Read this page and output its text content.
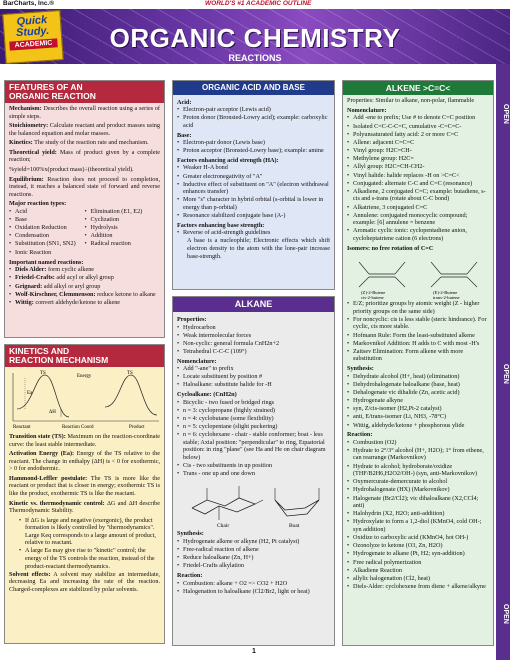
BarCharts, Inc.®	WORLD'S #1 ACADEMIC OUTLINE
ORGANIC CHEMISTRY
REACTIONS
Quick
Study.
ACADEMIC
OPEN
OPEN
OPEN
FEATURES OF AN
ORGANIC REACTION

Mechanism: Describes the overall reaction using a series of simple steps.

Stoichiometry: Calculate reactant and product masses using the balanced equation and molar masses.

Kinetics: The study of the reaction rate and mechanism.

Theoretical yield: Mass of product given by a complete reaction;

%yield=100%x(product mass)÷(theoretical yield).

Equilibrium: Reaction does not proceed to completion, instead, it reaches a balanced state of forward and reverse reactions.

Major reaction types:
• Acid
• Base
• Oxidation Reduction
• Condensation
• Substitution (SN1, SN2)
• Ionic Reaction
• Elimination (E1, E2)
• Cyclization
• Hydrolysis
• Addition
• Radical reaction
Important named reactions:
• Diels Alder: form cyclic alkene
• Friedel-Crafts: add acyl or alkyl group
• Grignard: add alkyl or aryl group
• Wolf-Kirschner, Clemmenson: reduce ketone to alkane
• Wittig: convert aldehyde/ketone to alkene
KINETICS AND
REACTION MECHANISM
TS
Energy
TS
Ea
ΔH
Reactant	Reaction Coord	Product

Transition state (TS): Maximum on the reaction-coordinate curve: the least stable intermediate.

Activation Energy (Ea): Energy of the TS relative to the reactant. The change in enthalpy (ΔH) is < 0 for exothermic, > 0 for endothermic.

Hammond-Leffler postulate: The TS is more like the reactant or product that is closer in energy; exothermic TS is like the product, exothermic TS is like the reactant.

Kinetic vs. thermodynamic control: ΔG and ΔH describe Thermodynamic Stability.

• If ΔG is large and negative (exergonic), the product formation is likely controlled by "thermodynamics". Large Keq corresponds to a large amount of product, relative to reactant.
• A large Ea may give rise to "kinetic" control; the energy of the TS controls the reaction, instead of the product-reactant thermodynamics.

Solvent effects: A solvent may stabilize an intermediate, decreasing Ea and increasing the rate of the reaction. Charged-complexes are stabilized by polar solvents.

ORGANIC ACID AND BASE
Acid:
• Electron-pair acceptor (Lewis acid)
• Proton donor (Bronsted-Lowry acid); example: carboxylic acid
Base:
• Electron-pair donor (Lewis base)
• Proton acceptor (Bronsted-Lowry base); example: amine
Factors enhancing acid strength (HA):
• Weaker H-A bond
• Greater electronegativity of "A"
• Inductive effect of substituent on "A" (electron withdrawal enhances transfer)
• More "s" character in hybrid orbital (s-orbital is lower in energy than p-orbital)
• Resonance stabilized conjugate base (A-)
Factors enhancing base strength:
• Reverse of acid-strength guidelines

A base is a nucleophile; Electronic effects which shift electron density to the atom with the lone-pair increase base-strength.

ALKANE
Properties:
• Hydrocarbon
• Weak intermolecular forces
• Non-cyclic: general formula CnH2n+2
• Tetrahedral C-C-C (109°)
Nomenclature:
• Add "-ane" to prefix
• Locate substituent by position #
• Haloalkane: substitute halide for -H
Cycloalkane: (CnH2n)
• Bicyclic - two fused or bridged rings
• n = 3: cyclopropane (highly strained)
• n = 4: cyclobutane (some flexibility)
• n = 5: cyclopentane (slight puckering)
• n = 6: cyclohexane - chair - stable conformer; boat - less stable; Axial position: "perpendicular" to ring, Equatorial position: in ring "plane" (see Ha and He on chair diagram below)
• Cis - two substituents in up position
• Trans - one up and one down
Chair	Boat
Synthesis:
• Hydrogenate alkene or alkyne (H2, Pt catalyst)
• Free-radical reaction of alkene
• Reduce haloalkane (Zn, H+)
• Friedel-Crafts alkylation
Reaction:
• Combustion: alkane + O2 => CO2 + H2O
• Halogenation to haloalkane (Cl2/Br2, light or heat)
ALKENE >C=C<

Properties: Similar to alkane, non-polar, flammable

Nomenclature:
• Add -ene to prefix; Use # to denote C=C position
• Isolated C=C-C-C=C, cumulative -C=C=C-
• Polyunsaturated fatty acid: 2 or more C=C
• Allene: adjacent C=C=C
• Vinyl group: H2C=CH-
• Methylene group: H2C=
• Allyl group: H2C=CH-CH2-
• Vinyl halide: halide replaces -H on >C=C<
• Conjugated: alternate C-C and C=C (resonance)
• Alkadiene, 2 conjugated C=C; example: butadiene, s-cis and s-trans (rotate about C-C bond)
• Alkatriene, 3 conjugated C=C
• Annulene: conjugated monocyclic compound; example: [6] annulene = benzene
• Aromatic cyclic ionic: cyclopentadiene anion, cycloheptatriene cation (6 electrons)
Isomers: no free rotation of C=C
(Z)-2-Butene
cis-2-butene
(E)-2-Butene
trans-2-butene
• E/Z; prioritize groups by atomic weight (Z - higher priority groups on the same side)
• For noncyclic: cis is less stable (steric hindrance). For cyclic, cis more stable.
• Hofmann Rule: Form the least-substituted alkene
• Markovnikof Addition: H adds to C with most -H's
• Zaitsev Elimination: Form alkene with more substitution
Synthesis:
• Dehydrate alcohol (H+, heat) (elimination)
• Dehydrohalogenate haloalkane (base, heat)
• Dehalogenate vic dihalide (Zn, acetic acid)
• Hydrogenate alkyne
• syn, Z/cis-isomer (H2,Pt-2 catalyst)
• anti, E/trans-isomer (Li, NH3, -78°C)
• Wittig, aldehyde/ketone + phosphorous ylide
Reaction:
• Combustion (O2)
• Hydrate to 2°/3° alcohol (H+, H2O); 1° from ethene, can rearrange (Markovnikov)
• Hydrate to alcohol; hydroborate/oxidize (THF/B2H6,H2O2/OH-) (syn, anti-Markovnikov)
• Oxymercurate-demercurate to alcohol
• Hydrohalogenate (HX) (Markovnikov)
• Halogenate (Br2/Cl2); vic dihaloalkane (X2,CCl4; anti)
• Halohydrin (X2, H2O; anti-addition)
• Hydroxylate to form a 1,2-diol (KMnO4, cold OH-; syn addition)
• Oxidize to carboxylic acid (KMnO4, hot OH-)
• Ozonolyze to ketone (O3, Zn, H2O)
• Hydrogenate to alkane (Pt, H2; syn-addition)
• Free radical polymerization
• Alkadiene Reaction
• allylic halogenation (Cl2, heat)
• Diels-Alder: cyclohexene from diene + alkene/alkyne
1
